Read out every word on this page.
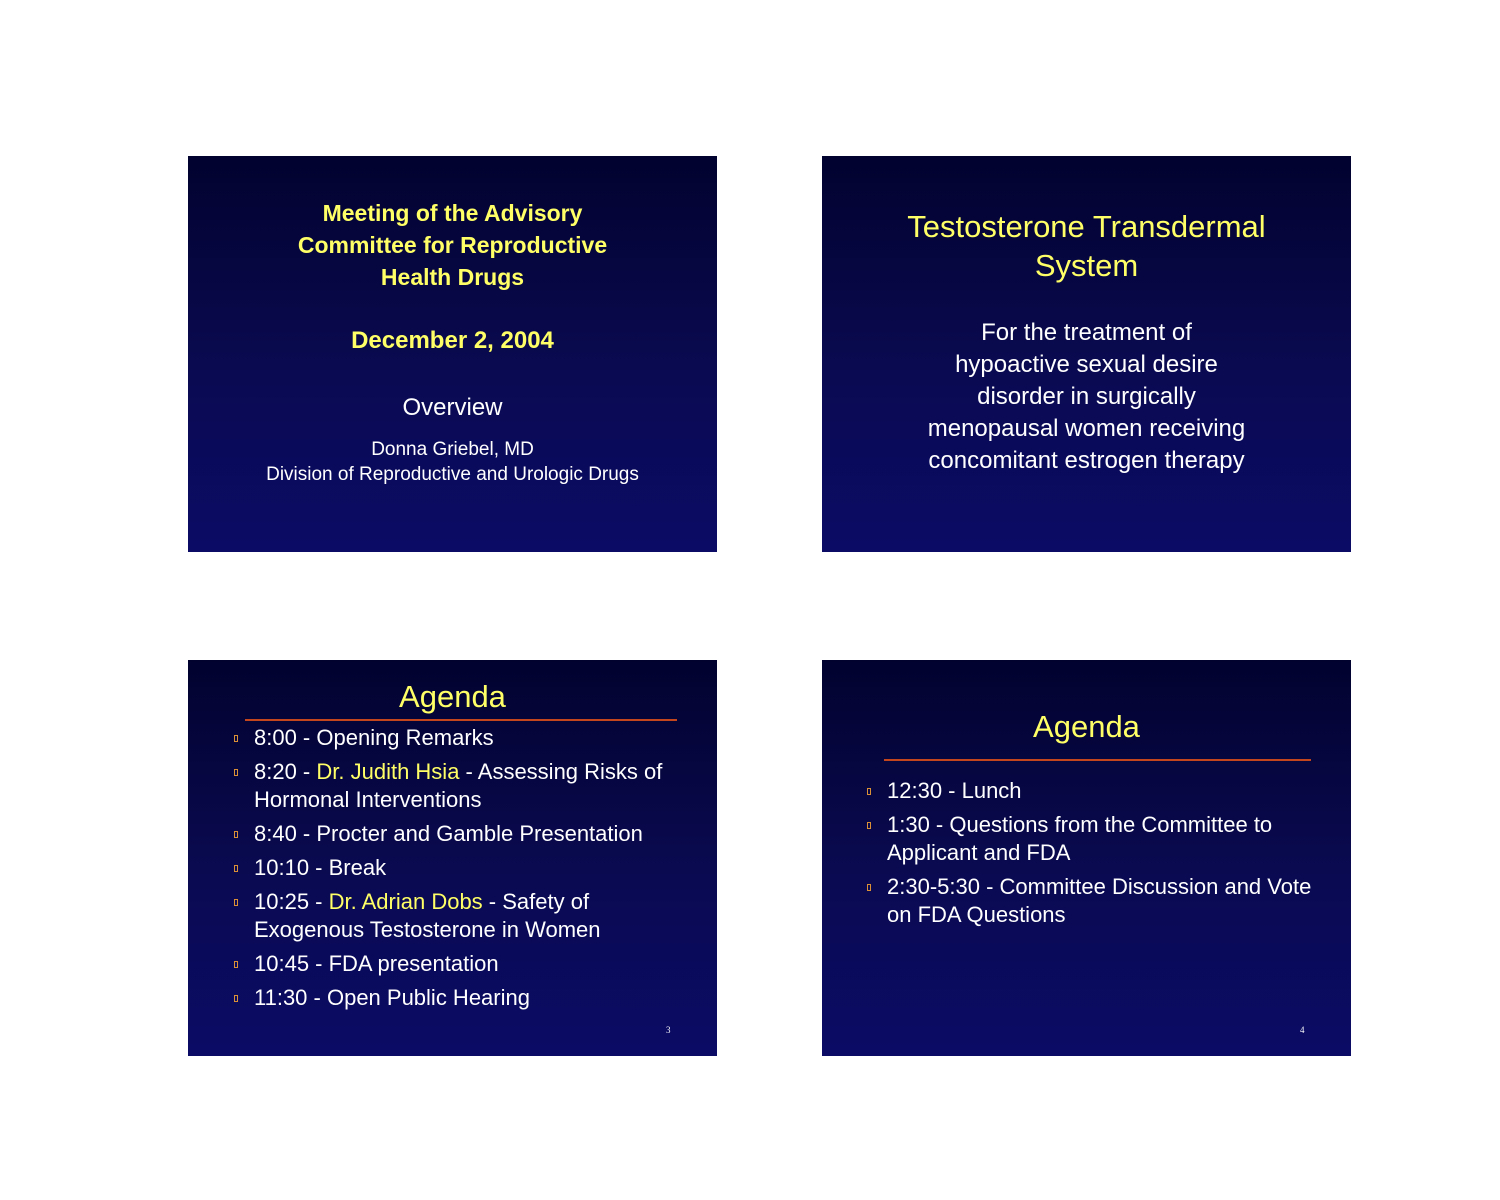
Meeting of the Advisory
Committee for Reproductive
Health Drugs
December 2, 2004
Overview
Donna Griebel, MD
Division of Reproductive and Urologic Drugs
Testosterone Transdermal
System
For the treatment of
hypoactive sexual desire
disorder in surgically
menopausal women receiving
concomitant estrogen therapy
Agenda
8:00 - Opening Remarks
8:20 - Dr. Judith Hsia - Assessing Risks of Hormonal Interventions
8:40 - Procter and Gamble Presentation
10:10 - Break
10:25 - Dr. Adrian Dobs - Safety of Exogenous Testosterone in Women
10:45 - FDA presentation
11:30 - Open Public Hearing
3
Agenda
12:30 - Lunch
1:30 - Questions from the Committee to Applicant and FDA
2:30-5:30 - Committee Discussion and Vote on FDA Questions
4
